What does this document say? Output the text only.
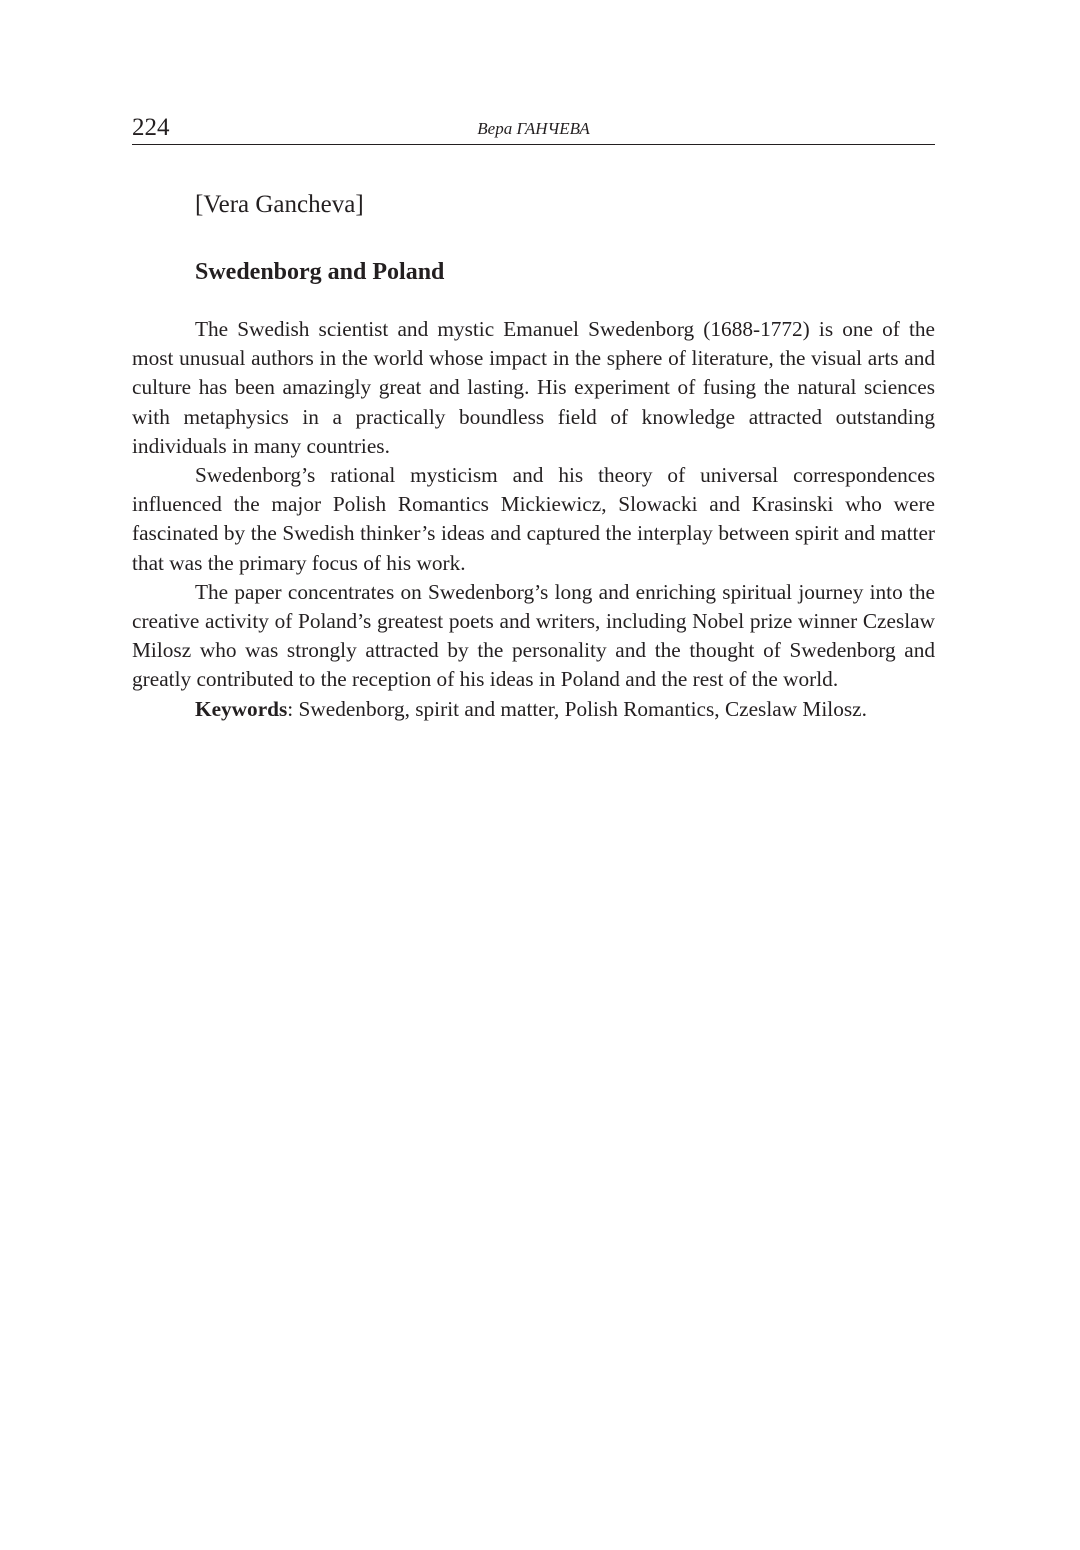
224	Вера ГАНЧЕВА
[Vera Gancheva]
Swedenborg and Poland

The Swedish scientist and mystic Emanuel Swedenborg (1688-1772) is one of the most unusual authors in the world whose impact in the sphere of literature, the visual arts and culture has been amazingly great and lasting. His experiment of fusing the natural sciences with metaphysics in a practically boundless field of knowledge attracted outstanding individuals in many countries.

Swedenborg’s rational mysticism and his theory of universal correspondences influenced the major Polish Romantics Mickiewicz, Slowacki and Krasinski who were fascinated by the Swedish thinker’s ideas and captured the interplay between spirit and matter that was the primary focus of his work.

The paper concentrates on Swedenborg’s long and enriching spiritual journey into the creative activity of Poland’s greatest poets and writers, including Nobel prize winner Czeslaw Milosz who was strongly attracted by the personality and the thought of Swedenborg and greatly contributed to the reception of his ideas in Poland and the rest of the world.

Keywords: Swedenborg, spirit and matter, Polish Romantics, Czeslaw Milosz.
